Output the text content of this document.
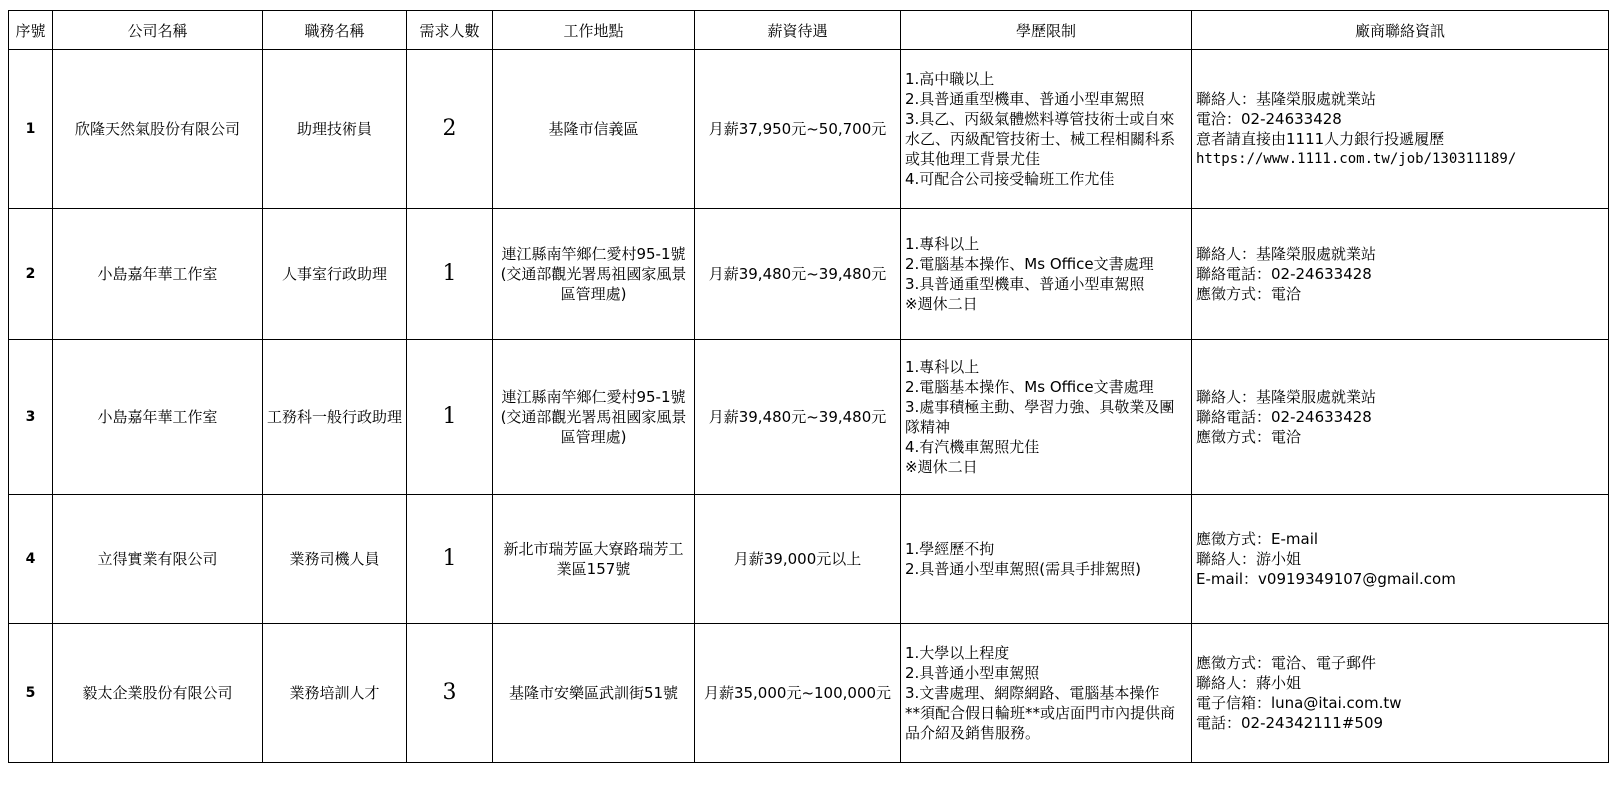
序號	公司名稱	職務名稱	需求人數	工作地點	薪資待遇	學歷限制	廠商聯絡資訊
1	欣隆天然氣股份有限公司	助理技術員	2	基隆市信義區	月薪37,950元~50,700元	1.高中職以上
2.具普通重型機車、普通小型車駕照
3.具乙、丙級氣體燃料導管技術士或自來水乙、丙級配管技術士、械工程相關科系或其他理工背景尤佳
4.可配合公司接受輪班工作尤佳	聯絡人：基隆榮服處就業站
電洽：02-24633428
意者請直接由1111人力銀行投遞履歷
https://www.1111.com.tw/job/130311189/

2	小島嘉年華工作室	人事室行政助理	1	連江縣南竿鄉仁愛村95-1號
(交通部觀光署馬祖國家風景區管理處)	月薪39,480元~39,480元	1.專科以上
2.電腦基本操作、Ms Office文書處理
3.具普通重型機車、普通小型車駕照
※週休二日	聯絡人：基隆榮服處就業站
聯絡電話：02-24633428
應徵方式：電洽

3	小島嘉年華工作室	工務科一般行政助理	1	連江縣南竿鄉仁愛村95-1號
(交通部觀光署馬祖國家風景區管理處)	月薪39,480元~39,480元	1.專科以上
2.電腦基本操作、Ms Office文書處理
3.處事積極主動、學習力強、具敬業及團隊精神
4.有汽機車駕照尤佳
※週休二日	聯絡人：基隆榮服處就業站
聯絡電話：02-24633428
應徵方式：電洽

4	立得實業有限公司	業務司機人員	1	新北市瑞芳區大寮路瑞芳工業區157號	月薪39,000元以上	1.學經歷不拘
2.具普通小型車駕照(需具手排駕照)	應徵方式：E-mail
聯絡人：游小姐
E-mail：v0919349107@gmail.com

5	毅太企業股份有限公司	業務培訓人才	3	基隆市安樂區武訓街51號	月薪35,000元~100,000元	1.大學以上程度
2.具普通小型車駕照
3.文書處理、網際網路、電腦基本操作
**須配合假日輪班**或店面門市內提供商品介紹及銷售服務。	應徵方式：電洽、電子郵件
聯絡人：蔣小姐
電子信箱：luna@itai.com.tw
電話：02-24342111#509
